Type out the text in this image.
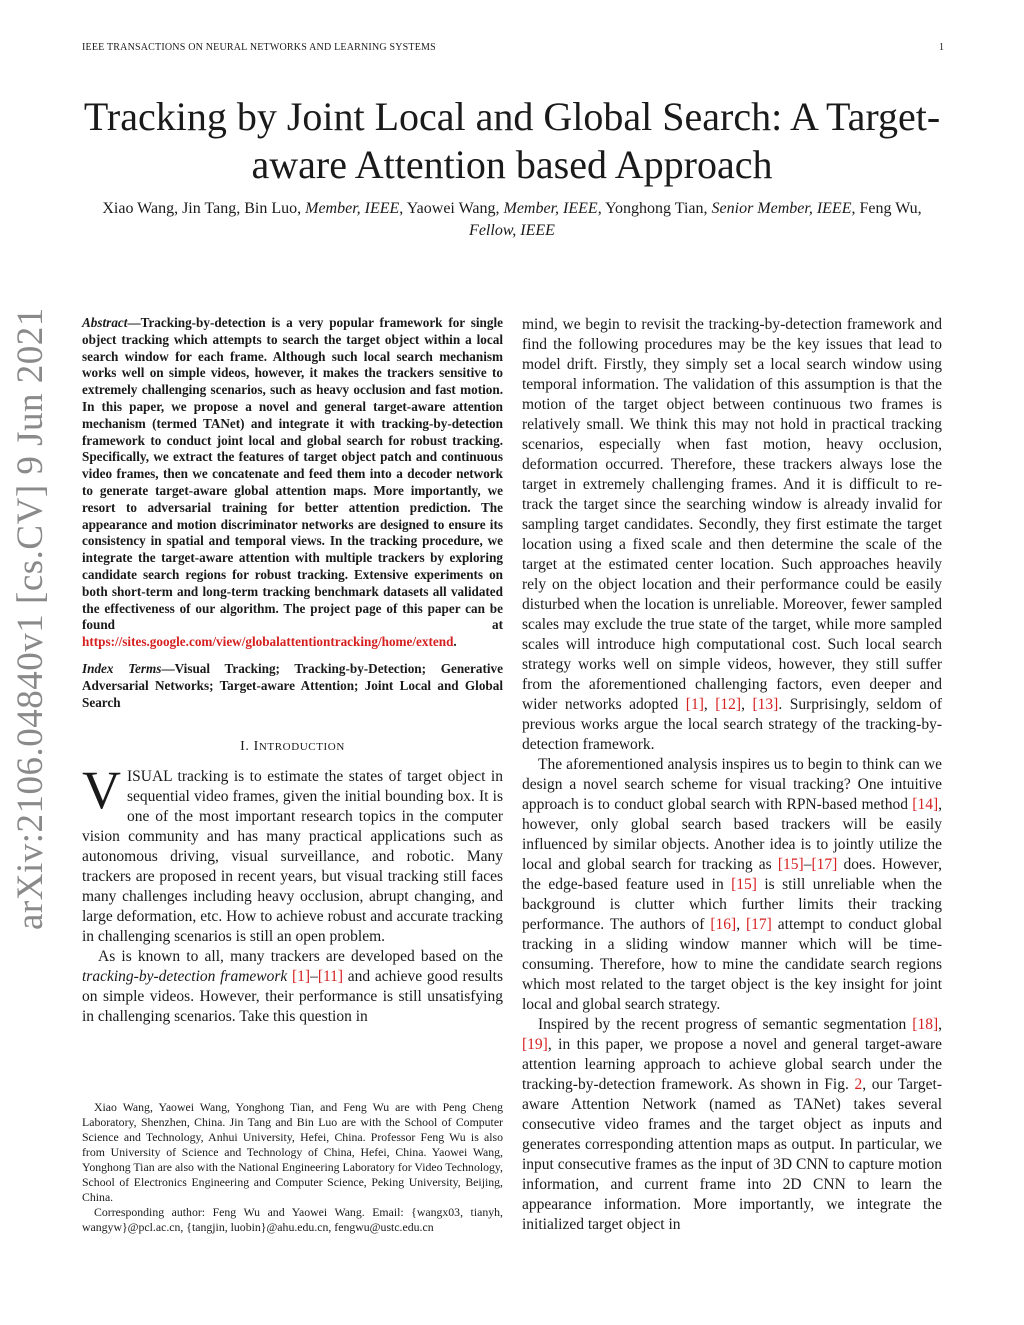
IEEE TRANSACTIONS ON NEURAL NETWORKS AND LEARNING SYSTEMS	1
arXiv:2106.04840v1 [cs.CV] 9 Jun 2021
Tracking by Joint Local and Global Search: A Target-aware Attention based Approach

Xiao Wang, Jin Tang, Bin Luo, Member, IEEE, Yaowei Wang, Member, IEEE, Yonghong Tian, Senior Member, IEEE, Feng Wu, Fellow, IEEE

Abstract—Tracking-by-detection is a very popular framework for single object tracking which attempts to search the target object within a local search window for each frame. Although such local search mechanism works well on simple videos, however, it makes the trackers sensitive to extremely challenging scenarios, such as heavy occlusion and fast motion. In this paper, we propose a novel and general target-aware attention mechanism (termed TANet) and integrate it with tracking-by-detection framework to conduct joint local and global search for robust tracking. Specifically, we extract the features of target object patch and continuous video frames, then we concatenate and feed them into a decoder network to generate target-aware global attention maps. More importantly, we resort to adversarial training for better attention prediction. The appearance and motion discriminator networks are designed to ensure its consistency in spatial and temporal views. In the tracking procedure, we integrate the target-aware attention with multiple trackers by exploring candidate search regions for robust tracking. Extensive experiments on both short-term and long-term tracking benchmark datasets all validated the effectiveness of our algorithm. The project page of this paper can be found at https://sites.google.com/view/globalattentiontracking/home/extend.

Index Terms—Visual Tracking; Tracking-by-Detection; Generative Adversarial Networks; Target-aware Attention; Joint Local and Global Search

I. INTRODUCTION

VISUAL tracking is to estimate the states of target object in sequential video frames, given the initial bounding box. It is one of the most important research topics in the computer vision community and has many practical applications such as autonomous driving, visual surveillance, and robotic. Many trackers are proposed in recent years, but visual tracking still faces many challenges including heavy occlusion, abrupt changing, and large deformation, etc. How to achieve robust and accurate tracking in challenging scenarios is still an open problem.

As is known to all, many trackers are developed based on the tracking-by-detection framework [1]–[11] and achieve good results on simple videos. However, their performance is still unsatisfying in challenging scenarios. Take this question in

Xiao Wang, Yaowei Wang, Yonghong Tian, and Feng Wu are with Peng Cheng Laboratory, Shenzhen, China. Jin Tang and Bin Luo are with the School of Computer Science and Technology, Anhui University, Hefei, China. Professor Feng Wu is also from University of Science and Technology of China, Hefei, China. Yaowei Wang, Yonghong Tian are also with the National Engineering Laboratory for Video Technology, School of Electronics Engineering and Computer Science, Peking University, Beijing, China.

Corresponding author: Feng Wu and Yaowei Wang. Email: {wangx03, tianyh, wangyw}@pcl.ac.cn, {tangjin, luobin}@ahu.edu.cn, fengwu@ustc.edu.cn

mind, we begin to revisit the tracking-by-detection framework and find the following procedures may be the key issues that lead to model drift. Firstly, they simply set a local search window using temporal information. The validation of this assumption is that the motion of the target object between continuous two frames is relatively small. We think this may not hold in practical tracking scenarios, especially when fast motion, heavy occlusion, deformation occurred. Therefore, these trackers always lose the target in extremely challenging frames. And it is difficult to re-track the target since the searching window is already invalid for sampling target candidates. Secondly, they first estimate the target location using a fixed scale and then determine the scale of the target at the estimated center location. Such approaches heavily rely on the object location and their performance could be easily disturbed when the location is unreliable. Moreover, fewer sampled scales may exclude the true state of the target, while more sampled scales will introduce high computational cost. Such local search strategy works well on simple videos, however, they still suffer from the aforementioned challenging factors, even deeper and wider networks adopted [1], [12], [13]. Surprisingly, seldom of previous works argue the local search strategy of the tracking-by-detection framework.

The aforementioned analysis inspires us to begin to think can we design a novel search scheme for visual tracking? One intuitive approach is to conduct global search with RPN-based method [14], however, only global search based trackers will be easily influenced by similar objects. Another idea is to jointly utilize the local and global search for tracking as [15]–[17] does. However, the edge-based feature used in [15] is still unreliable when the background is clutter which further limits their tracking performance. The authors of [16], [17] attempt to conduct global tracking in a sliding window manner which will be time-consuming. Therefore, how to mine the candidate search regions which most related to the target object is the key insight for joint local and global search strategy.

Inspired by the recent progress of semantic segmentation [18], [19], in this paper, we propose a novel and general target-aware attention learning approach to achieve global search under the tracking-by-detection framework. As shown in Fig. 2, our Target-aware Attention Network (named as TANet) takes several consecutive video frames and the target object as inputs and generates corresponding attention maps as output. In particular, we input consecutive frames as the input of 3D CNN to capture motion information, and current frame into 2D CNN to learn the appearance information. More importantly, we integrate the initialized target object in
